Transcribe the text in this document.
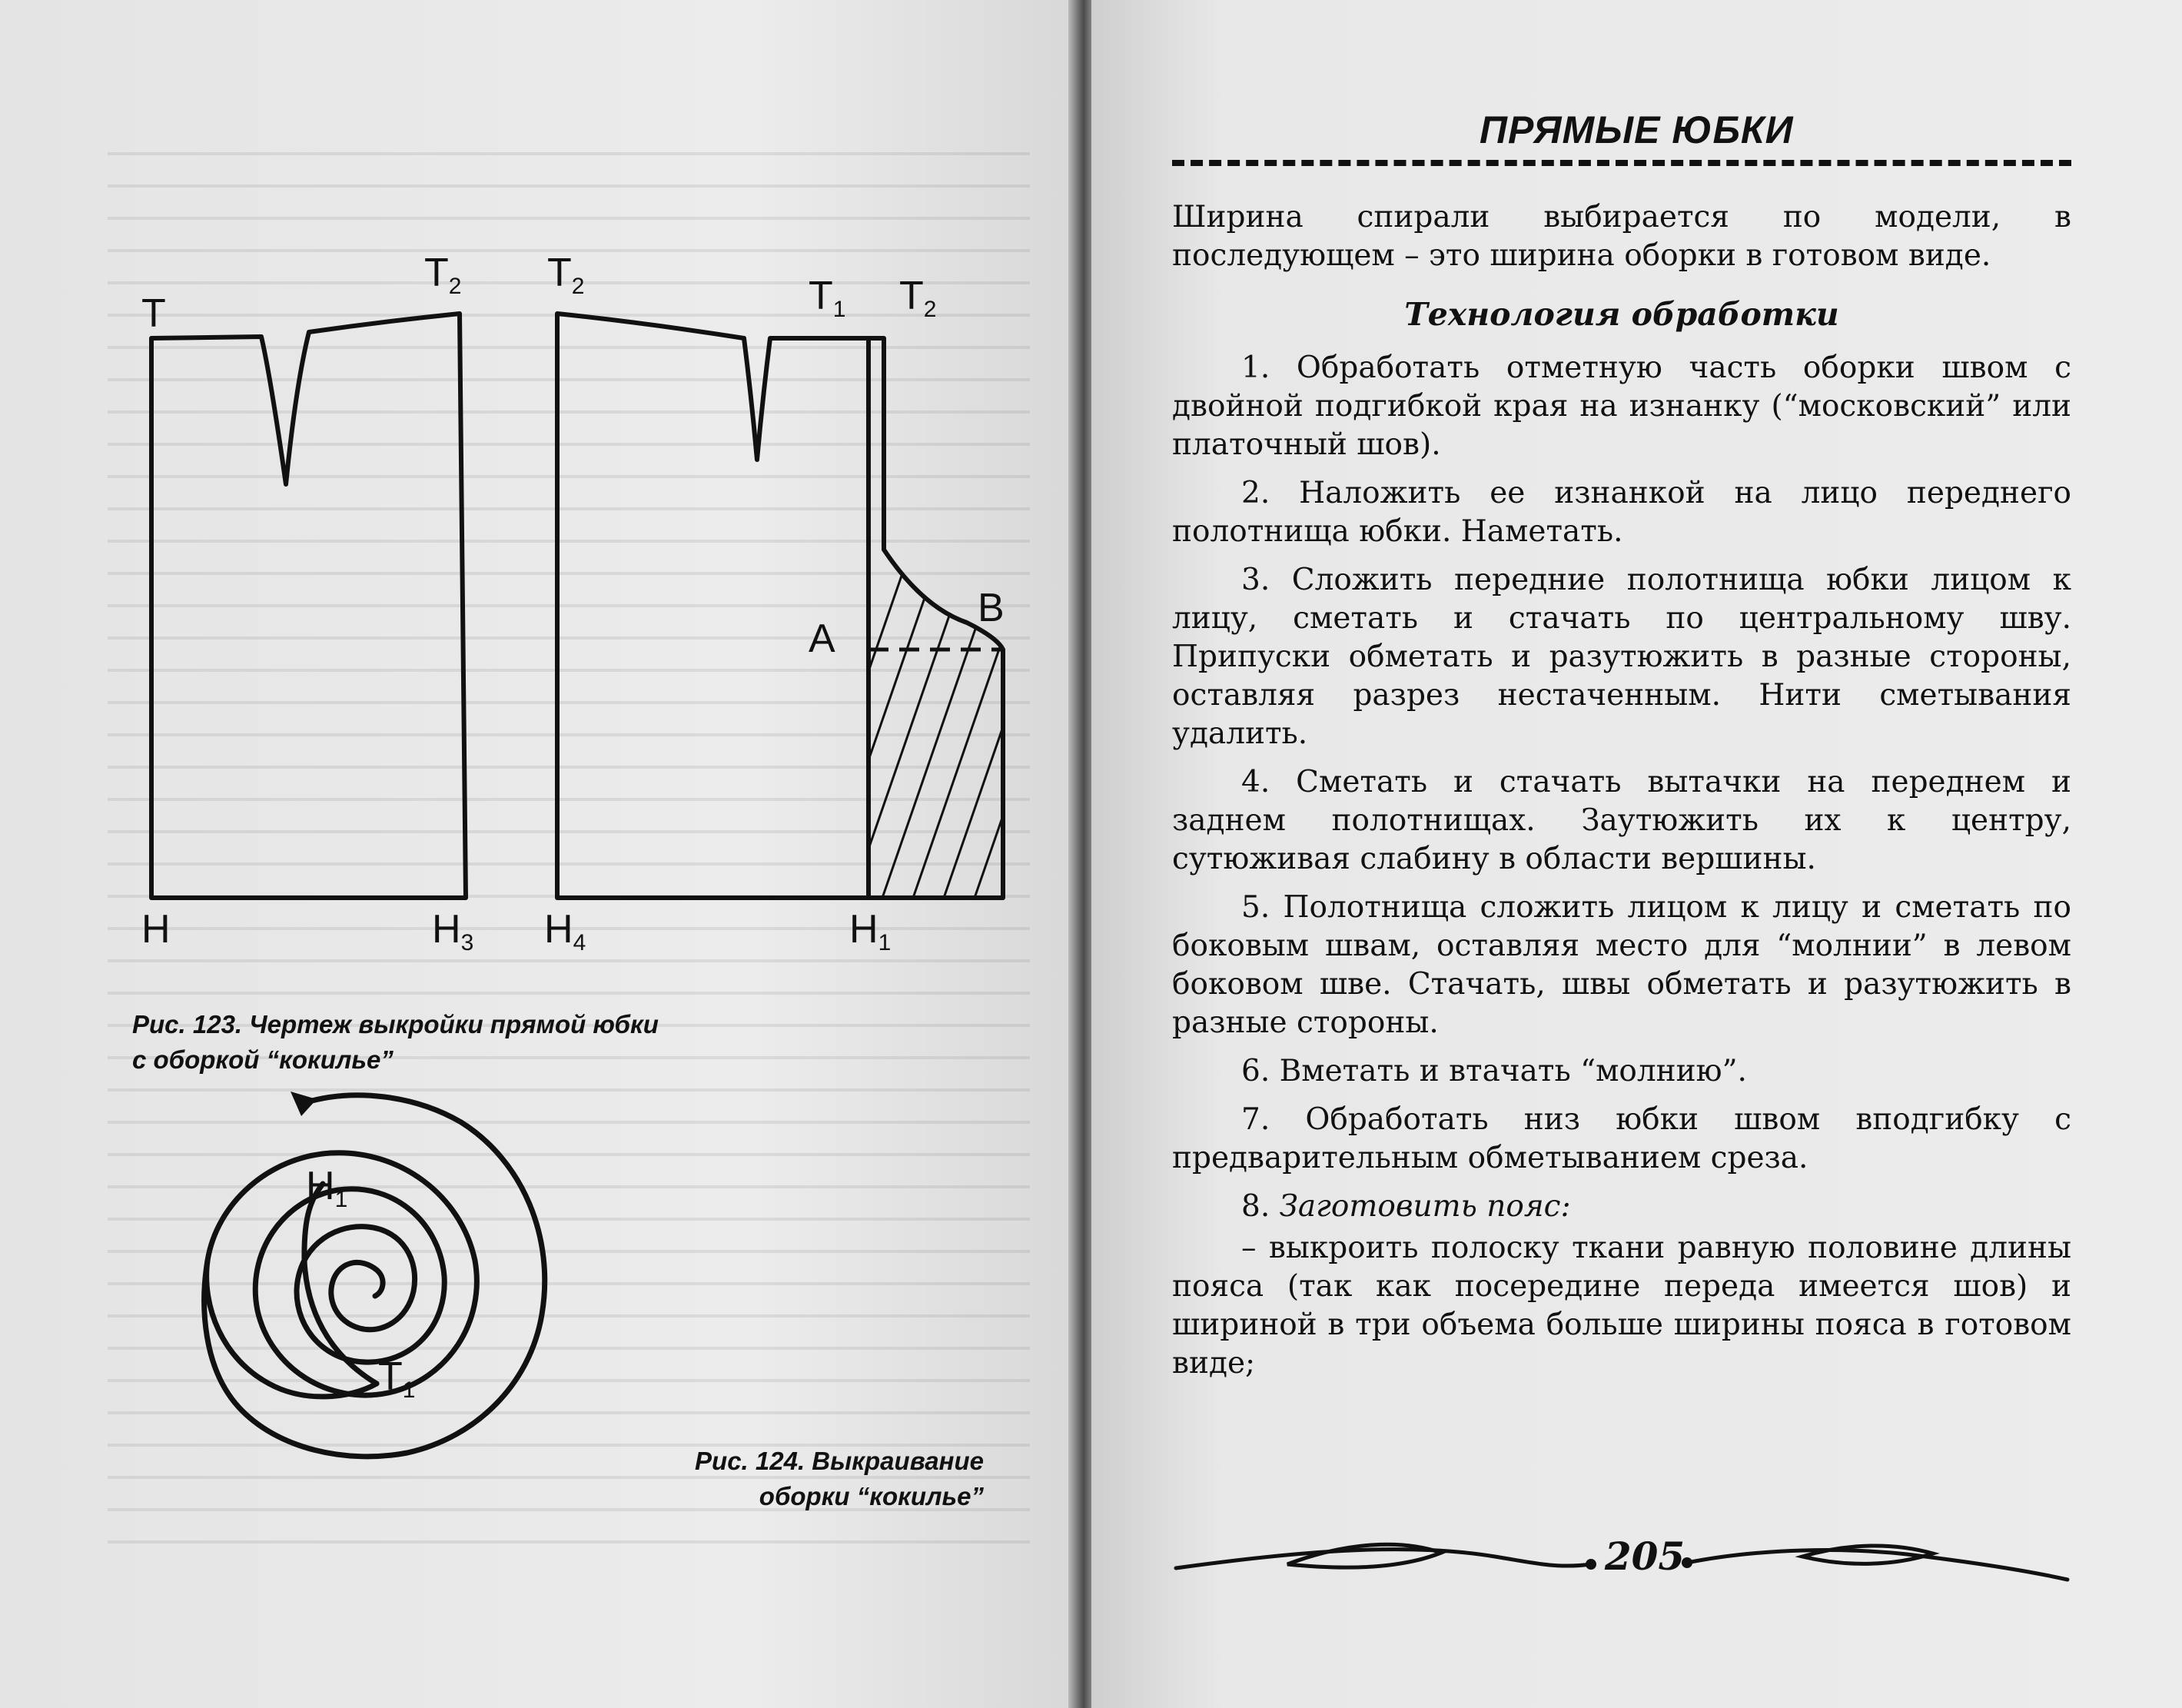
T
T2
H	H3
T2	T1 T2
A
B
H4	H1
H1
T1

Рис. 123. Чертеж выкройки прямой юбки
с оборкой “кокилье”

Рис. 124. Выкраивание
оборки “кокилье”

ПРЯМЫЕ ЮБКИ

Ширина спирали выбирается по модели, в последующем – это ширина оборки в готовом виде.

Технология обработки

1. Обработать отметную часть оборки швом с двойной подгибкой края на изнанку (“московский” или платочный шов).

2. Наложить ее изнанкой на лицо переднего полотнища юбки. Наметать.

3. Сложить передние полотнища юбки лицом к лицу, сметать и стачать по центральному шву. Припуски обметать и разутюжить в разные стороны, оставляя разрез нестаченным. Нити сметывания удалить.

4. Сметать и стачать вытачки на переднем и заднем полотнищах. Заутюжить их к центру, сутюживая слабину в области вершины.

5. Полотнища сложить лицом к лицу и сметать по боковым швам, оставляя место для “молнии” в левом боковом шве. Стачать, швы обметать и разутюжить в разные стороны.

6. Вметать и втачать “молнию”.

7. Обработать низ юбки швом вподгибку с предварительным обметыванием среза.

8. Заготовить пояс:

– выкроить полоску ткани равную половине длины пояса (так как посередине переда имеется шов) и шириной в три объема больше ширины пояса в готовом виде;

205
